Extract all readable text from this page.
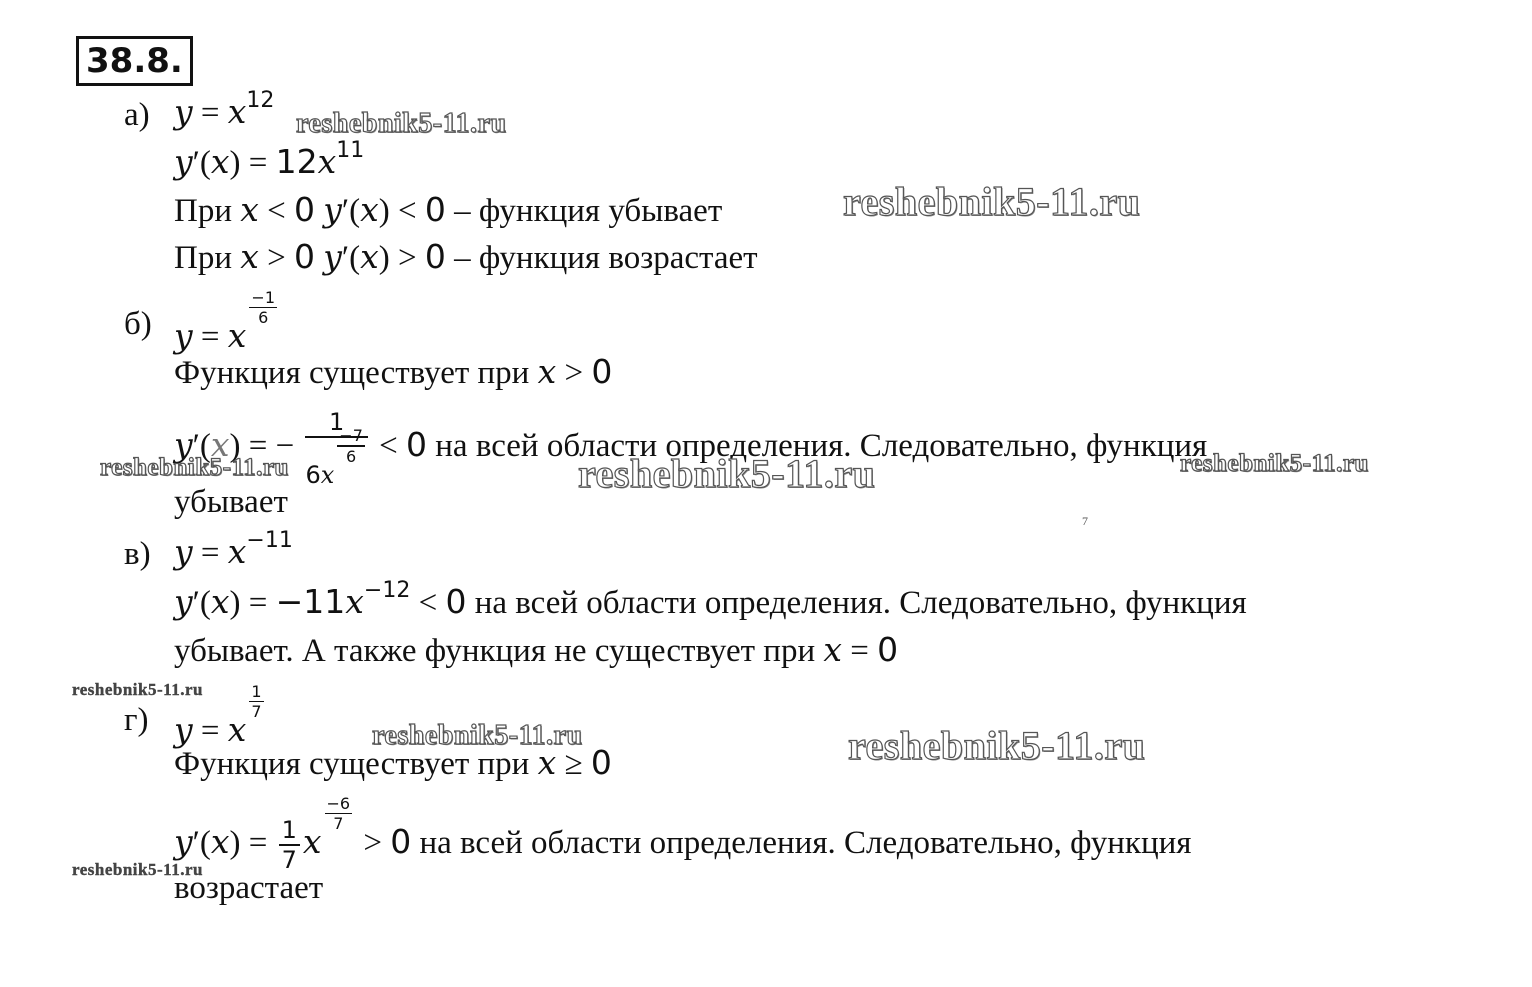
38.8.
а) $y = x^{12}$
$y'(x) = 12x^{11}$
При x < 0 y′(x) < 0 – функция убывает
При x > 0 y′(x) > 0 – функция возрастает
б) y = x
$\frac{-1}{6}$
Функция существует при x > 0
y′(x) = − 1
6x
$\frac{-7}{6} < 0$ на всей области определения. Следовательно, функция
убывает
в) $y = x^{-11}$
$y'(x) = -11x^{-12} < 0$ на всей области определения. Следовательно, функция
убывает. А также функция не существует при x = 0
г) y = x
$\frac{1}{7}$
Функция существует при x ≥ 0
$y'(x) = \frac{1}{7}$ x
$\frac{-6}{7}$
> 0 на всей области определения. Следовательно, функция
возрастает
7
reshebnik5-11.ru
reshebnik5-11.ru
reshebnik5-11.ru	reshebnik5-11.ru	reshebnik5-11.ru
reshebnik5-11.ru
reshebnik5-11.ru	reshebnik5-11.ru
reshebnik5-11.ru
